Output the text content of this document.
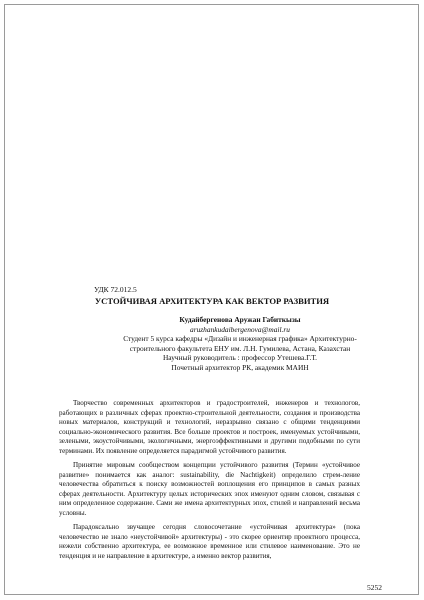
УДК 72.012.5
УСТОЙЧИВАЯ АРХИТЕКТУРА КАК ВЕКТОР РАЗВИТИЯ
Кудайбергенова Аружан Габиткызы
aruzhankudaibergenova@mail.ru
Студент 5 курса кафедры «Дизайн и инженерная графика» Архитектурно-
строительного факультета ЕНУ им. Л.Н. Гумилева, Астана, Казахстан
Научный руководитель : профессор Утешева.Г.Т.
Почетный архитектор РК, академик МАИН

Творчество современных архитекторов и градостроителей, инженеров и технологов, работающих в различных сферах проектно-строительной деятельности, создания и производства новых материалов, конструкций и технологий, неразрывно связано с общими тенденциями социально-экономического развития. Все больше проектов и построек, именуемых устойчивыми, зелеными, экоустойчивыми, экологичными, энергоэффективными и другими подобными по сути терминами. Их появление определяется парадигмой устойчивого развития.

Принятие мировым сообществом концепции устойчивого развития (Термин «устойчивое развитие» понимается как аналог: sustainability, die Nachtigkeit) определило стрем-ление человечества обратиться к поиску возможностей воплощения его принципов в самых разных сферах деятельности. Архитектуру целых исторических эпох именуют одним словом, связывая с ним определенное содержание. Сами же имена архитектурных эпох, стилей и направлений весьма условны.

Парадоксально звучащее сегодня словосочетание «устойчивая архитектура» (пока человечество не знало «неустойчивой» архитектуры) - это скорее ориентир проектного процесса, нежели собственно архитектура, ее возможное временное или стилевое наименование. Это не тенденция и не направление в архитектуре, а именно вектор развития,

5252
